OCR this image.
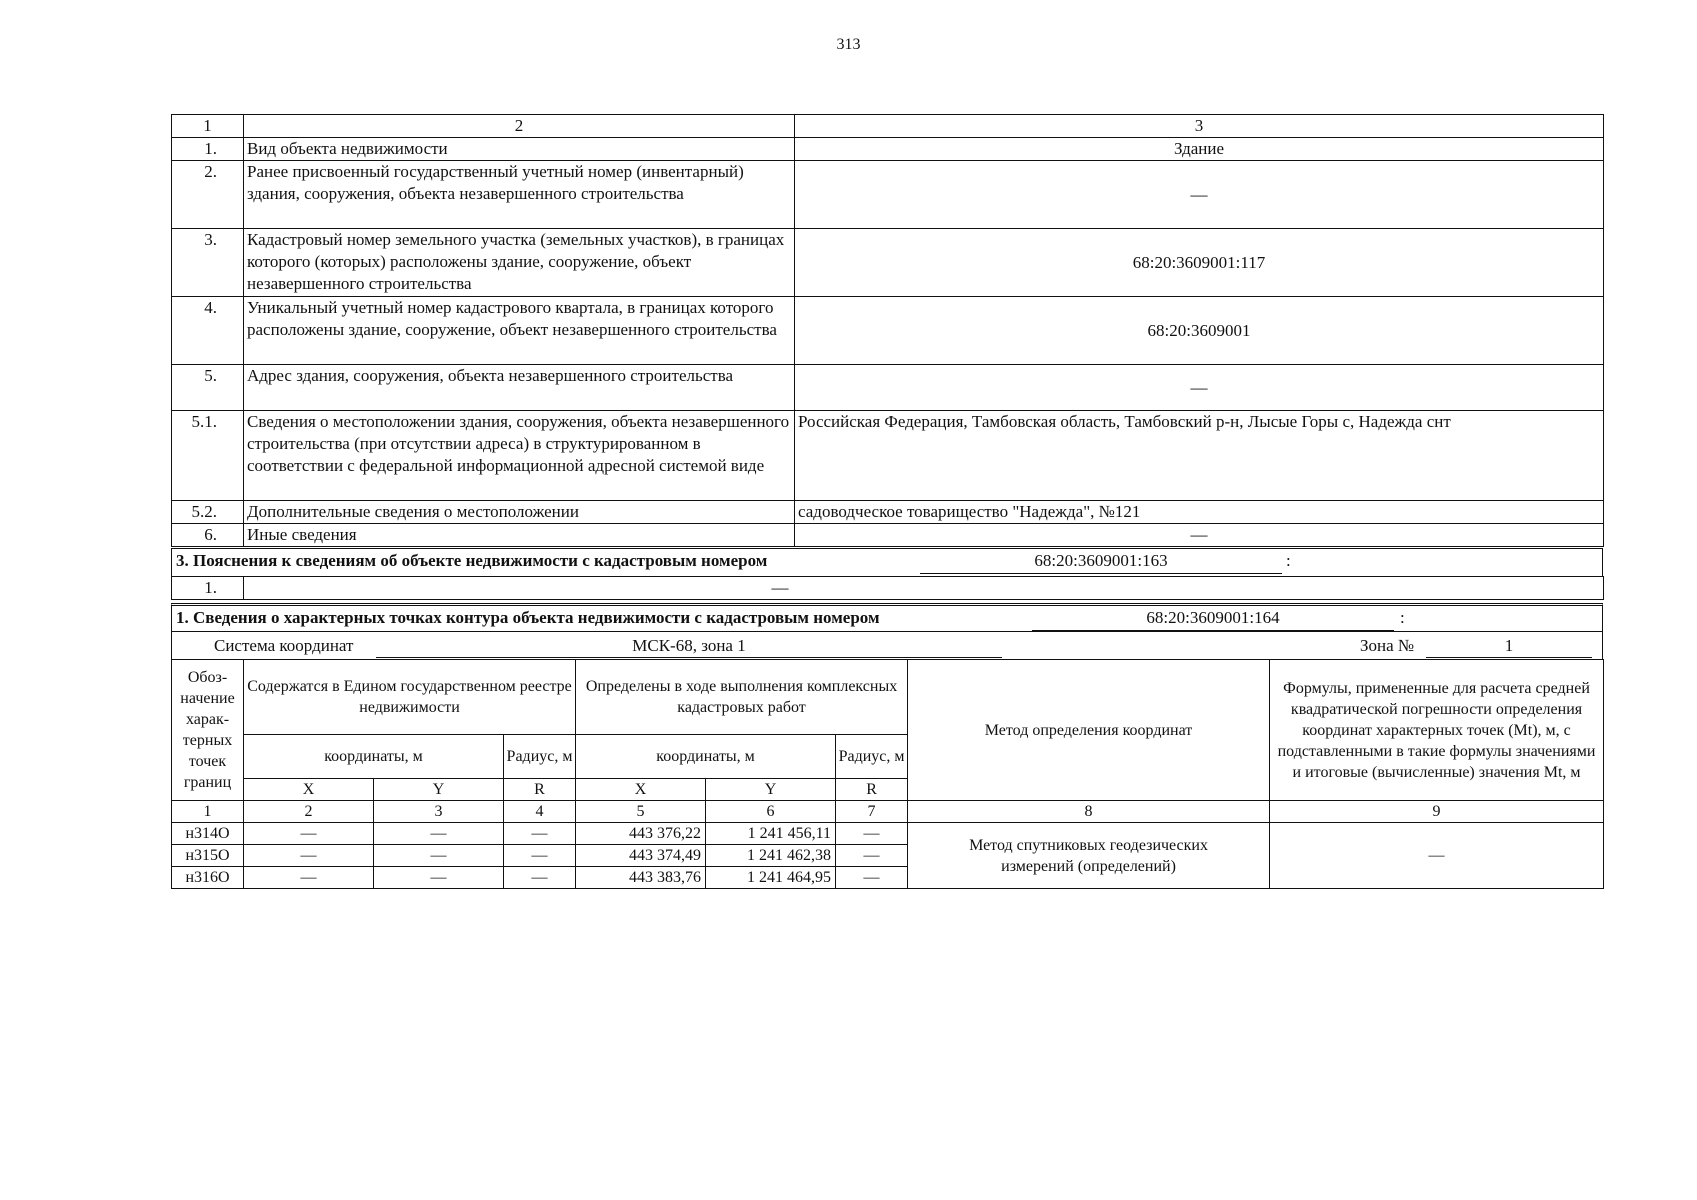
313
1	2	3
1.	Вид объекта недвижимости	Здание
2.	Ранее присвоенный государственный учетный номер (инвентарный) здания, сооружения, объекта незавершенного строительства	—
3.	Кадастровый номер земельного участка (земельных участков), в границах которого (которых) расположены здание, сооружение, объект незавершенного строительства	68:20:3609001:117
4.	Уникальный учетный номер кадастрового квартала, в границах которого расположены здание, сооружение, объект незавершенного строительства	68:20:3609001
5.	Адрес здания, сооружения, объекта незавершенного строительства	—
5.1.	Сведения о местоположении здания, сооружения, объекта незавершенного строительства (при отсутствии адреса) в структурированном в соответствии с федеральной информационной адресной системой виде	Российская Федерация, Тамбовская область, Тамбовский р-н, Лысые Горы с, Надежда снт
5.2.	Дополнительные сведения о местоположении	садоводческое товарищество "Надежда", №121
6.	Иные сведения	—
3. Пояснения к сведениям об объекте недвижимости с кадастровым номером	68:20:3609001:163	:
1.	—
1. Сведения о характерных точках контура объекта недвижимости с кадастровым номером	68:20:3609001:164	:
Система координат	МСК-68, зона 1	Зона №	1
Обоз-начение харак-терных точек границ	Содержатся в Едином государственном реестре недвижимости			Определены в ходе выполнения комплексных кадастровых работ			Метод определения координат	Формулы, примененные для расчета средней квадратической погрешности определения координат характерных точек (Mt), м, с подставленными в такие формулы значениями и итоговые (вычисленные) значения Mt, м
	координаты, м		Радиус, м	координаты, м		Радиус, м		
	X	Y	R	X	Y	R		
1	2	3	4	5	6	7	8	9
н314О	—	—	—	443 376,22	1 241 456,11	—	Метод спутниковых геодезических измерений (определений)	—
н315О	—	—	—	443 374,49	1 241 462,38	—		
н316О	—	—	—	443 383,76	1 241 464,95	—		
